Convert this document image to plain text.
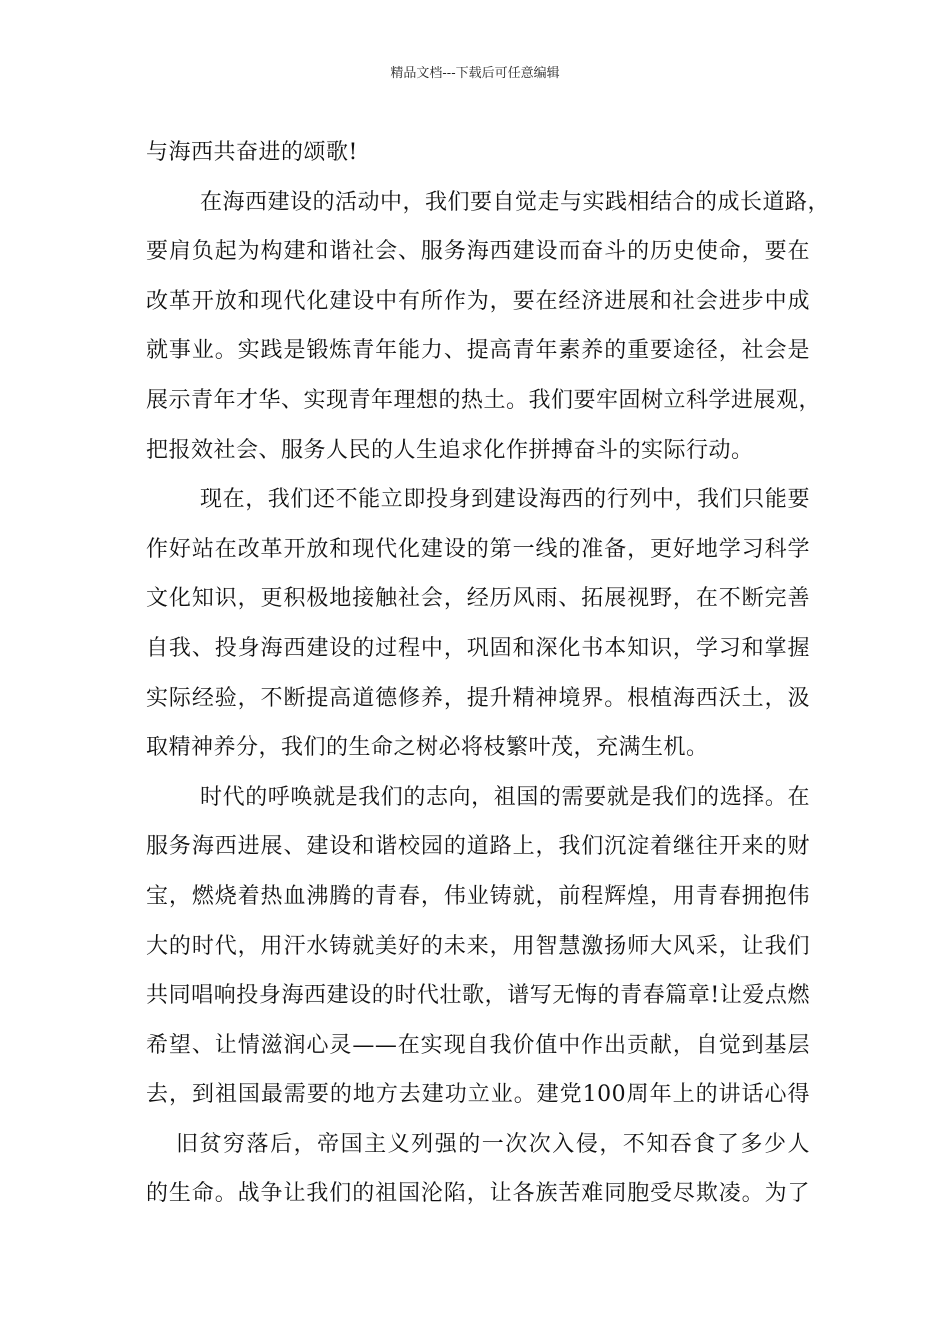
精品文档---下载后可任意编辑
与海西共奋进的颂歌!
在海西建设的活动中，我们要自觉走与实践相结合的成长道路，
要肩负起为构建和谐社会、服务海西建设而奋斗的历史使命，要在
改革开放和现代化建设中有所作为，要在经济进展和社会进步中成
就事业。实践是锻炼青年能力、提高青年素养的重要途径，社会是
展示青年才华、实现青年理想的热土。我们要牢固树立科学进展观，
把报效社会、服务人民的人生追求化作拼搏奋斗的实际行动。
现在，我们还不能立即投身到建设海西的行列中，我们只能要
作好站在改革开放和现代化建设的第一线的准备，更好地学习科学
文化知识，更积极地接触社会，经历风雨、拓展视野，在不断完善
自我、投身海西建设的过程中，巩固和深化书本知识，学习和掌握
实际经验，不断提高道德修养，提升精神境界。根植海西沃土，汲
取精神养分，我们的生命之树必将枝繁叶茂，充满生机。
时代的呼唤就是我们的志向，祖国的需要就是我们的选择。在
服务海西进展、建设和谐校园的道路上，我们沉淀着继往开来的财
宝，燃烧着热血沸腾的青春，伟业铸就，前程辉煌，用青春拥抱伟
大的时代，用汗水铸就美好的未来，用智慧激扬师大风采，让我们
共同唱响投身海西建设的时代壮歌，谱写无悔的青春篇章!让爱点燃
希望、让情滋润心灵——在实现自我价值中作出贡献，自觉到基层
去，到祖国最需要的地方去建功立业。建党100周年上的讲话心得
旧贫穷落后，帝国主义列强的一次次入侵，不知吞食了多少人
的生命。战争让我们的祖国沦陷，让各族苦难同胞受尽欺凌。为了
